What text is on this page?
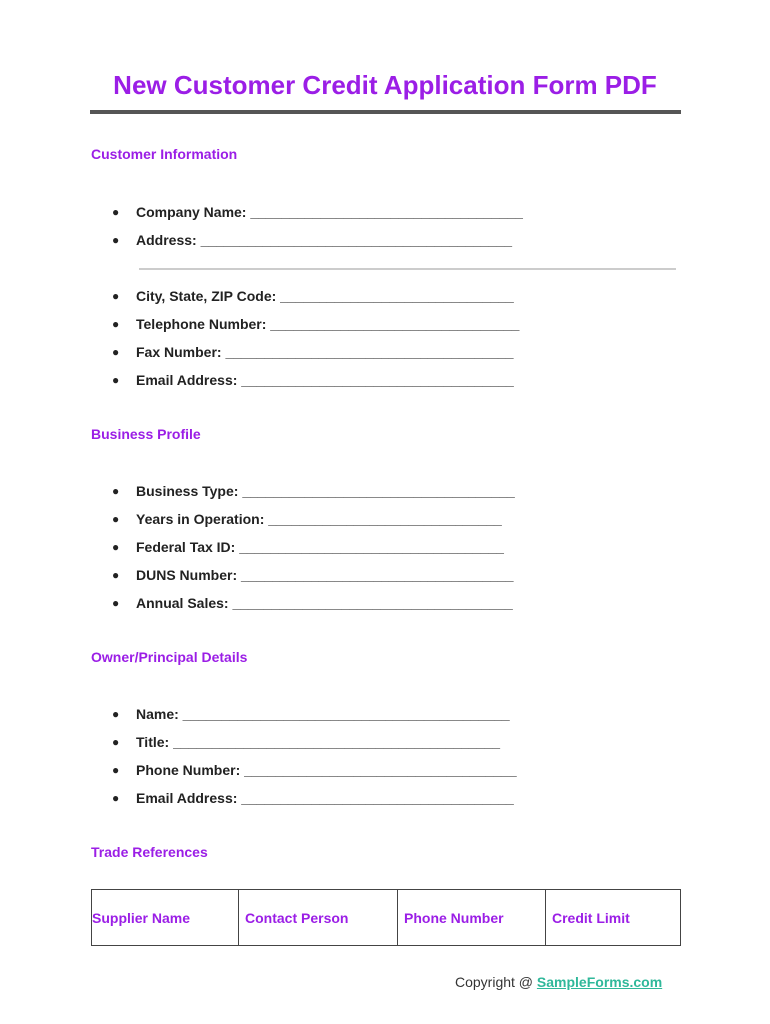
New Customer Credit Application Form PDF
Customer Information
● Company Name: ___________________________________
● Address: ________________________________________
● City, State, ZIP Code: ______________________________
● Telephone Number: ________________________________
● Fax Number: _____________________________________
● Email Address: ___________________________________
Business Profile
● Business Type: ___________________________________
● Years in Operation: ______________________________
● Federal Tax ID: __________________________________
● DUNS Number: ___________________________________
● Annual Sales: ____________________________________
Owner/Principal Details
● Name: __________________________________________
● Title: __________________________________________
● Phone Number: ___________________________________
● Email Address: ___________________________________
Trade References
Supplier Name	Contact Person	Phone Number	Credit Limit
Copyright @ SampleForms.com
